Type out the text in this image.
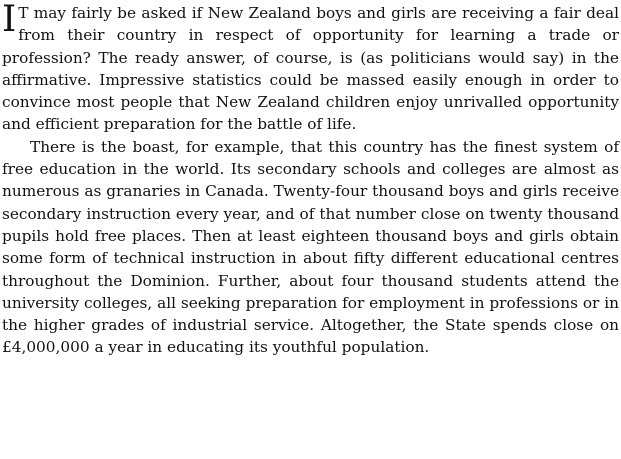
I T may fairly be asked if New Zealand boys and girls are receiving a fair deal from their country in respect of opportunity for learning a trade or profession? The ready answer, of course, is (as politicians would say) in the affirmative. Impressive statistics could be massed easily enough in order to convince most people that New Zealand children enjoy unrivalled opportunity and efficient preparation for the battle of life.

There is the boast, for example, that this country has the finest system of free education in the world. Its secondary schools and colleges are almost as numerous as granaries in Canada. Twenty-four thousand boys and girls receive secondary instruction every year, and of that number close on twenty thousand pupils hold free places. Then at least eighteen thousand boys and girls obtain some form of technical instruction in about fifty different educational centres throughout the Dominion. Further, about four thousand students attend the university colleges, all seeking preparation for employment in professions or in the higher grades of industrial service. Altogether, the State spends close on £4,000,000 a year in educating its youthful population.
